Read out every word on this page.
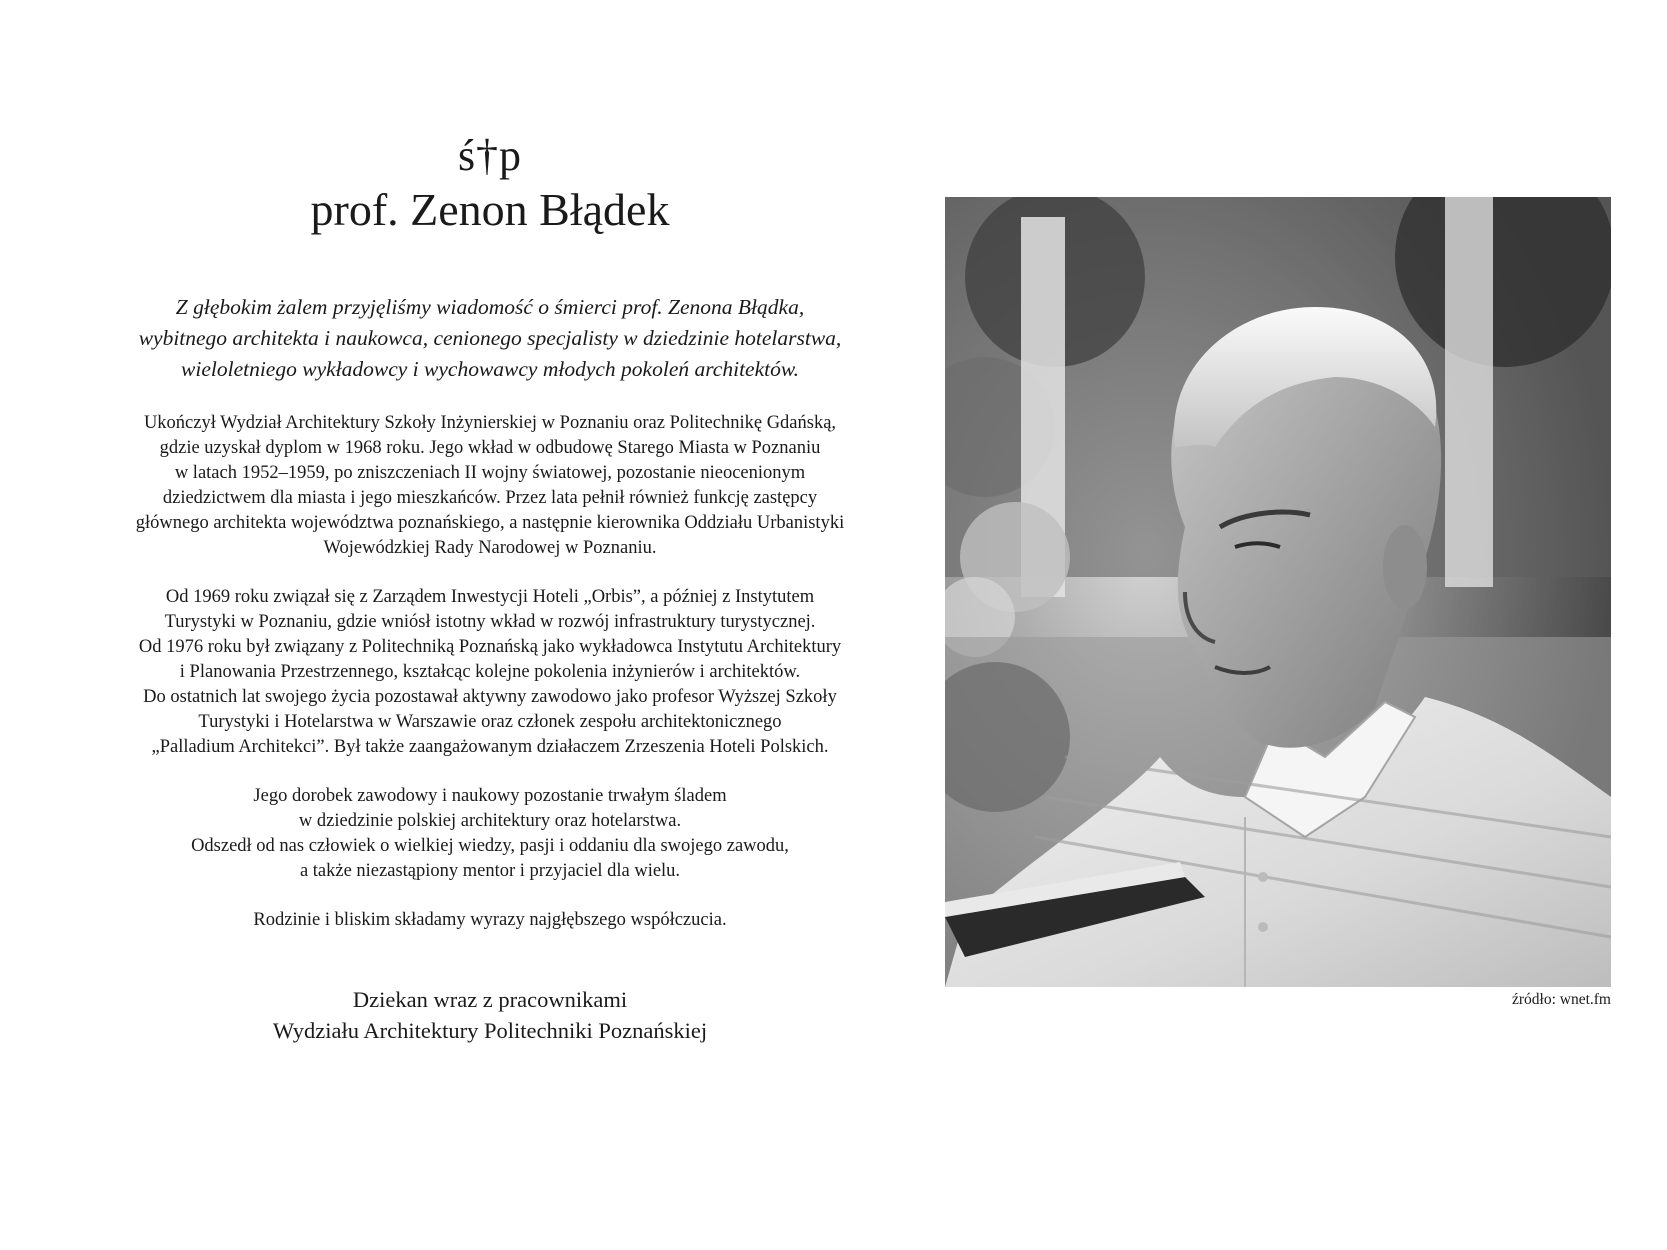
ś†p

prof. Zenon Błądek

Z głębokim żalem przyjęliśmy wiadomość o śmierci prof. Zenona Błądka,
wybitnego architekta i naukowca, cenionego specjalisty w dziedzinie hotelarstwa,
wieloletniego wykładowcy i wychowawcy młodych pokoleń architektów.

Ukończył Wydział Architektury Szkoły Inżynierskiej w Poznaniu oraz Politechnikę Gdańską,
gdzie uzyskał dyplom w 1968 roku. Jego wkład w odbudowę Starego Miasta w Poznaniu
w latach 1952–1959, po zniszczeniach II wojny światowej, pozostanie nieocenionym
dziedzictwem dla miasta i jego mieszkańców. Przez lata pełnił również funkcję zastępcy
głównego architekta województwa poznańskiego, a następnie kierownika Oddziału Urbanistyki
Wojewódzkiej Rady Narodowej w Poznaniu.

Od 1969 roku związał się z Zarządem Inwestycji Hoteli „Orbis”, a później z Instytutem
Turystyki w Poznaniu, gdzie wniósł istotny wkład w rozwój infrastruktury turystycznej.
Od 1976 roku był związany z Politechniką Poznańską jako wykładowca Instytutu Architektury
i Planowania Przestrzennego, kształcąc kolejne pokolenia inżynierów i architektów.
Do ostatnich lat swojego życia pozostawał aktywny zawodowo jako profesor Wyższej Szkoły
Turystyki i Hotelarstwa w Warszawie oraz członek zespołu architektonicznego
„Palladium Architekci”. Był także zaangażowanym działaczem Zrzeszenia Hoteli Polskich.

Jego dorobek zawodowy i naukowy pozostanie trwałym śladem
w dziedzinie polskiej architektury oraz hotelarstwa.
Odszedł od nas człowiek o wielkiej wiedzy, pasji i oddaniu dla swojego zawodu,
a także niezastąpiony mentor i przyjaciel dla wielu.

Rodzinie i bliskim składamy wyrazy najgłębszego współczucia.

Dziekan wraz z pracownikami
Wydziału Architektury Politechniki Poznańskiej

źródło: wnet.fm
